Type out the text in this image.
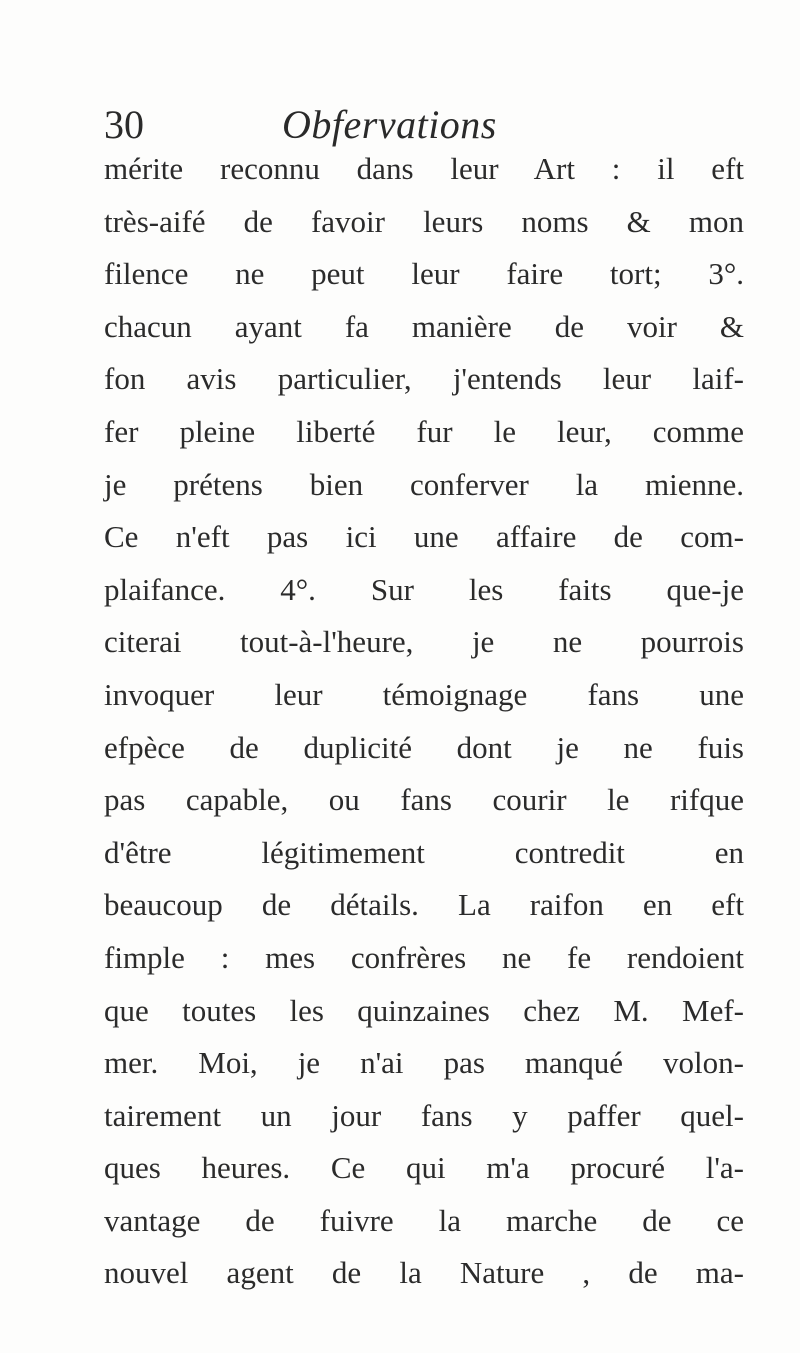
30	Obfervations
mérite reconnu dans leur Art : il eft
très-aifé de favoir leurs noms & mon
filence ne peut leur faire tort; 3°.
chacun ayant fa manière de voir &
fon avis particulier, j'entends leur laif-
fer pleine liberté fur le leur, comme
je prétens bien conferver la mienne.
Ce n'eft pas ici une affaire de com-
plaifance. 4°. Sur les faits que-je
citerai tout-à-l'heure, je ne pourrois
invoquer leur témoignage fans une
efpèce de duplicité dont je ne fuis
pas capable, ou fans courir le rifque
d'être légitimement contredit en
beaucoup de détails. La raifon en eft
fimple : mes confrères ne fe rendoient
que toutes les quinzaines chez M. Mef-
mer. Moi, je n'ai pas manqué volon-
tairement un jour fans y paffer quel-
ques heures. Ce qui m'a procuré l'a-
vantage de fuivre la marche de ce
nouvel agent de la Nature , de ma-
